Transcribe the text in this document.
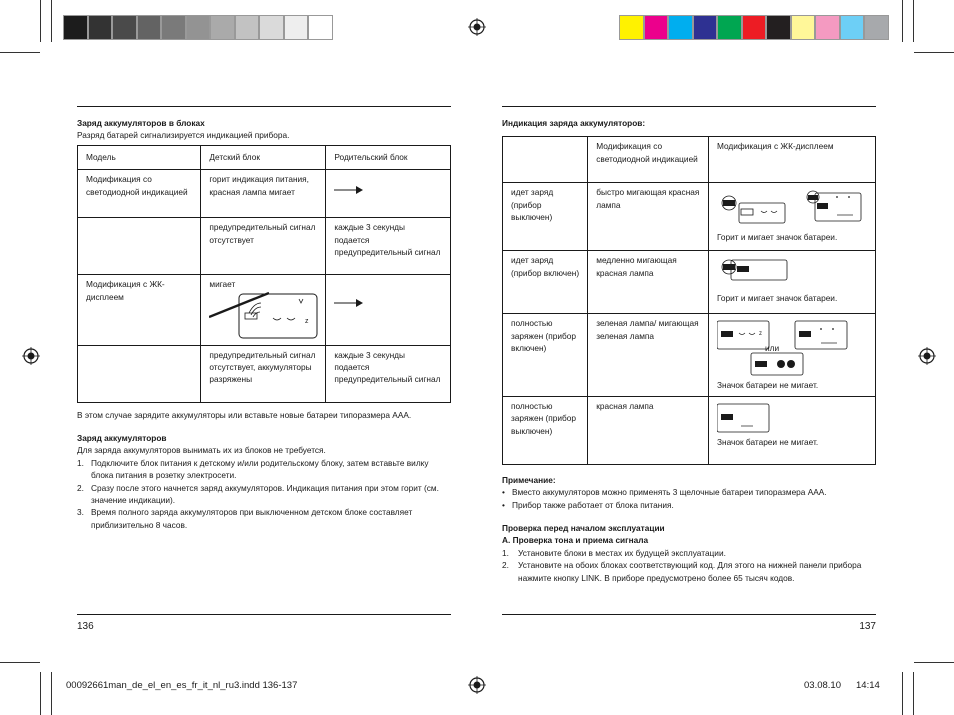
Заряд аккумуляторов в блоках

Разряд батарей сигнализируется индикацией прибора.

Модель	Детский блок	Родительский блок
Модификация со светодиодной индикацией	горит индикация питания, красная лампа мигает	

	предупредительный сигнал отсутствует	каждые 3 секунды подается предупредительный сигнал
Модификация с ЖК-дисплеем	мигает
z

	предупредительный сигнал отсутствует, аккумуляторы разряжены	каждые 3 секунды подается предупредительный сигнал

В этом случае зарядите аккумуляторы или вставьте новые батареи типоразмера AAA.

Заряд аккумуляторов

Для заряда аккумуляторов вынимать их из блоков не требуется.

1. Подключите блок питания к детскому и/или родительскому блоку, затем вставьте вилку блока питания в розетку электросети.
2. Сразу после этого начнется заряд аккумуляторов. Индикация питания при этом горит (см. значение индикации).
3. Время полного заряда аккумуляторов при выключенном детском блоке составляет приблизительно 8 часов.

Индикация заряда аккумуляторов:

	Модификация со светодиодной индикацией	Модификация с ЖК-дисплеем
идет заряд (прибор выключен)	быстро мигающая красная лампа	Горит и мигает значок батареи.

идет заряд (прибор включен)	медленно мигающая красная лампа	Горит и мигает значок батареи.

полностью заряжен (прибор включен)	зеленая лампа/ мигающая зеленая лампа	z
или
Значок батареи не мигает.

полностью заряжен (прибор выключен)	красная лампа	Значок батареи не мигает.

Примечание:

• Вместо аккумуляторов можно применять 3 щелочные батареи типоразмера AAA.
• Прибор также работает от блока питания.

Проверка перед началом эксплуатации

A. Проверка тона и приема сигнала

1. Установите блоки в местах их будущей эксплуатации.
2. Установите на обоих блоках соответствующий код. Для этого на нижней панели прибора нажмите кнопку LINK. В приборе предусмотрено более 65 тысяч кодов.
136	137
00092661man_de_el_en_es_fr_it_nl_ru3.indd 136-137	03.08.10 14:14
